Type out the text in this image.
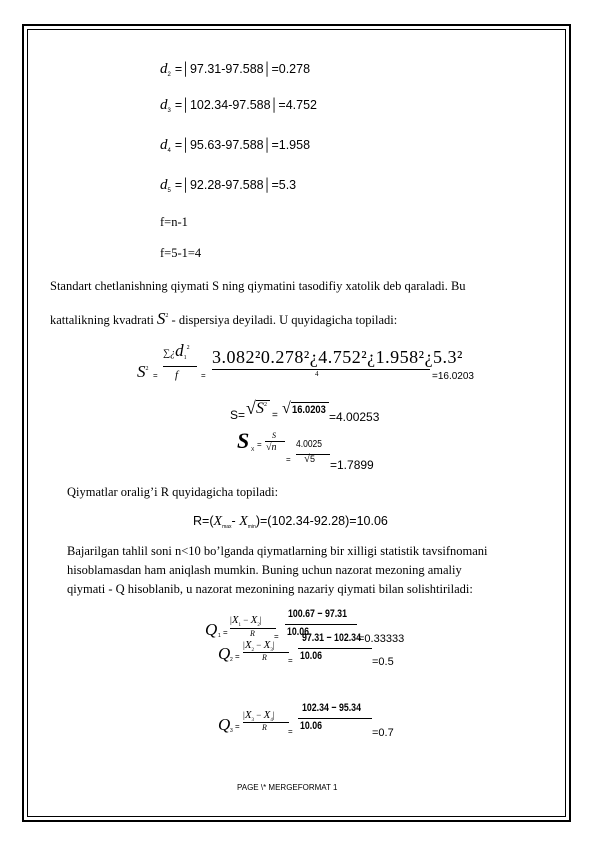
$d_2$ =│97.31-97.588│=0.278
$d_3$ =│102.34-97.588│=4.752
$d_4$ =│95.63-97.588│=1.958
$d_5$ =│92.28-97.588│=5.3
f=n-1
f=5-1=4
Standart chetlanishning qiymati S ning qiymatini tasodifiy xatolik deb qaraladi. Bu
kattalikning kvadrati $S^2$ - dispersiya deyiladi. U quyidagicha topiladi:
$S^2$
=
$\sum¿d_1^2$
f	=
3.082²0.278²¿4.752²¿1.958²¿5.3²
4	=16.0203
S= √ $S^2$
= √ 16.0203 =4.00253
S X
=
S
√n
=
4.0025
√5 =1.7899
Qiymatlar oralig’i R quyidagicha topiladi:
$R=(X_{max}-$ $X_{min})=(102.34-92.28)=10.06$
Bajarilgan tahlil soni n<10 bo’lganda qiymatlarning bir xilligi statistik tavsifnomani
hisoblamasdan ham aniqlash mumkin. Buning uchun nazorat mezoning amaliy
qiymati - Q hisoblanib, u nazorat mezonining nazariy qiymati bilan solishtiriladi:
Q 1 =
$|X_1 - X_2|$
R =
100.67 − 97.31
10.06
=0.33333
Q 2 =
$|X_2 - X_3|$
R	=
97.31 − 102.34
10.06	=0.5
Q 3 =
$|X_3 - X_4|$
R	=
102.34 − 95.34
10.06
=0.7
PAGE \* MERGEFORMAT 1
